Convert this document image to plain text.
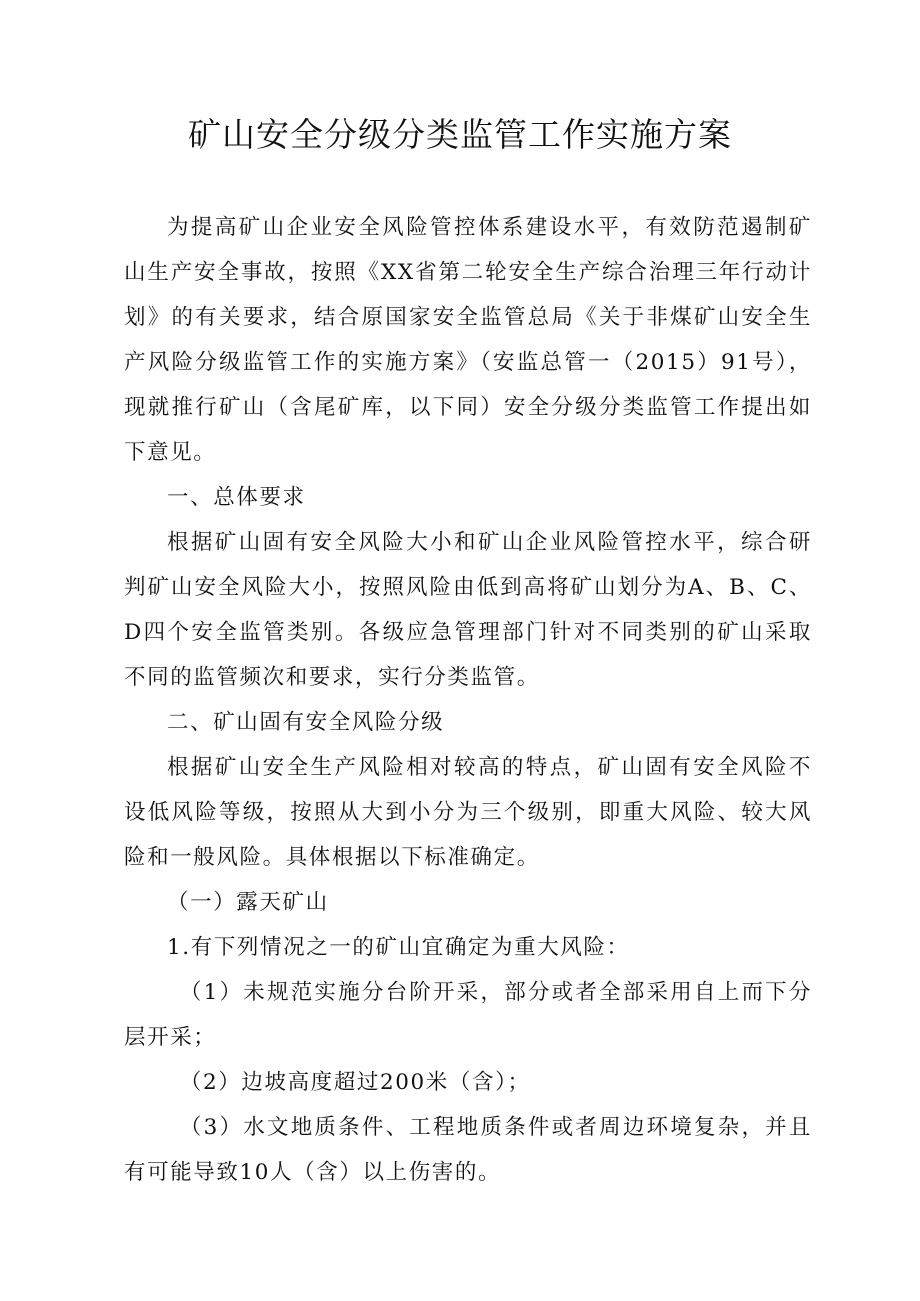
矿山安全分级分类监管工作实施方案

为提高矿山企业安全风险管控体系建设水平，有效防范遏制矿山生产安全事故，按照《XX省第二轮安全生产综合治理三年行动计划》的有关要求，结合原国家安全监管总局《关于非煤矿山安全生产风险分级监管工作的实施方案》（安监总管一（2015）91号），现就推行矿山（含尾矿库，以下同）安全分级分类监管工作提出如下意见。

一、总体要求

根据矿山固有安全风险大小和矿山企业风险管控水平，综合研判矿山安全风险大小，按照风险由低到高将矿山划分为A、B、C、D四个安全监管类别。各级应急管理部门针对不同类别的矿山采取不同的监管频次和要求，实行分类监管。

二、矿山固有安全风险分级

根据矿山安全生产风险相对较高的特点，矿山固有安全风险不设低风险等级，按照从大到小分为三个级别，即重大风险、较大风险和一般风险。具体根据以下标准确定。

（一）露天矿山

1.有下列情况之一的矿山宜确定为重大风险：

（1）未规范实施分台阶开采，部分或者全部采用自上而下分层开采；

（2）边坡高度超过200米（含）；

（3）水文地质条件、工程地质条件或者周边环境复杂，并且有可能导致10人（含）以上伤害的。
